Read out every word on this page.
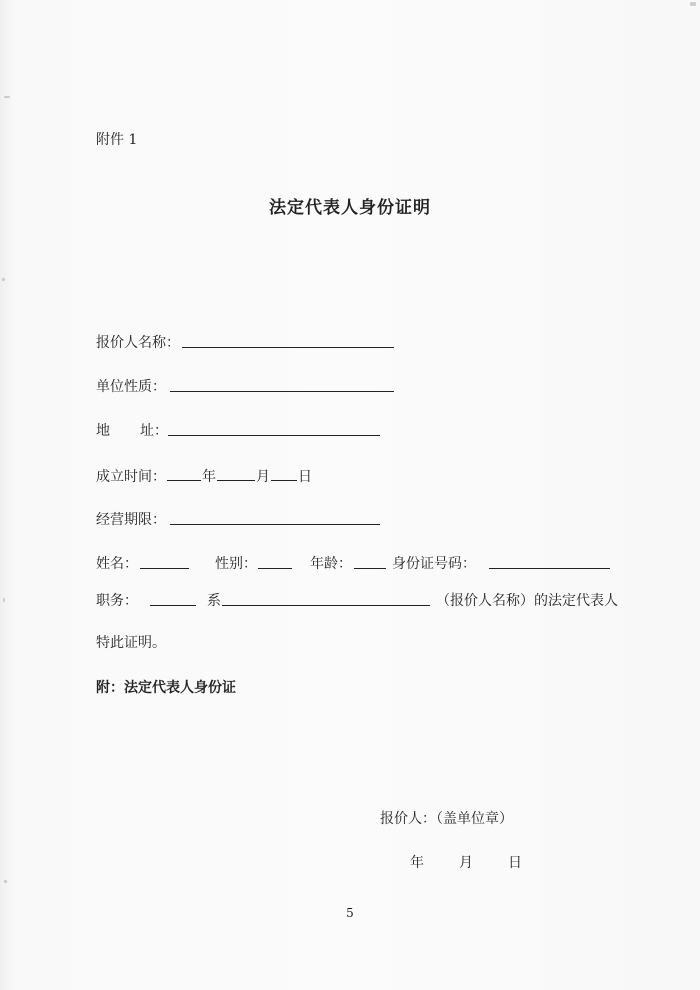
附件 1
法定代表人身份证明
报价人名称：
单位性质：
地 址：
成立时间：	年	月 日
经营期限：
姓名：	性别：	年龄：	身份证号码：
职务：	系	（报价人名称）的法定代表人
特此证明。
附：法定代表人身份证
报价人：（盖单位章）
年	月	日
5
